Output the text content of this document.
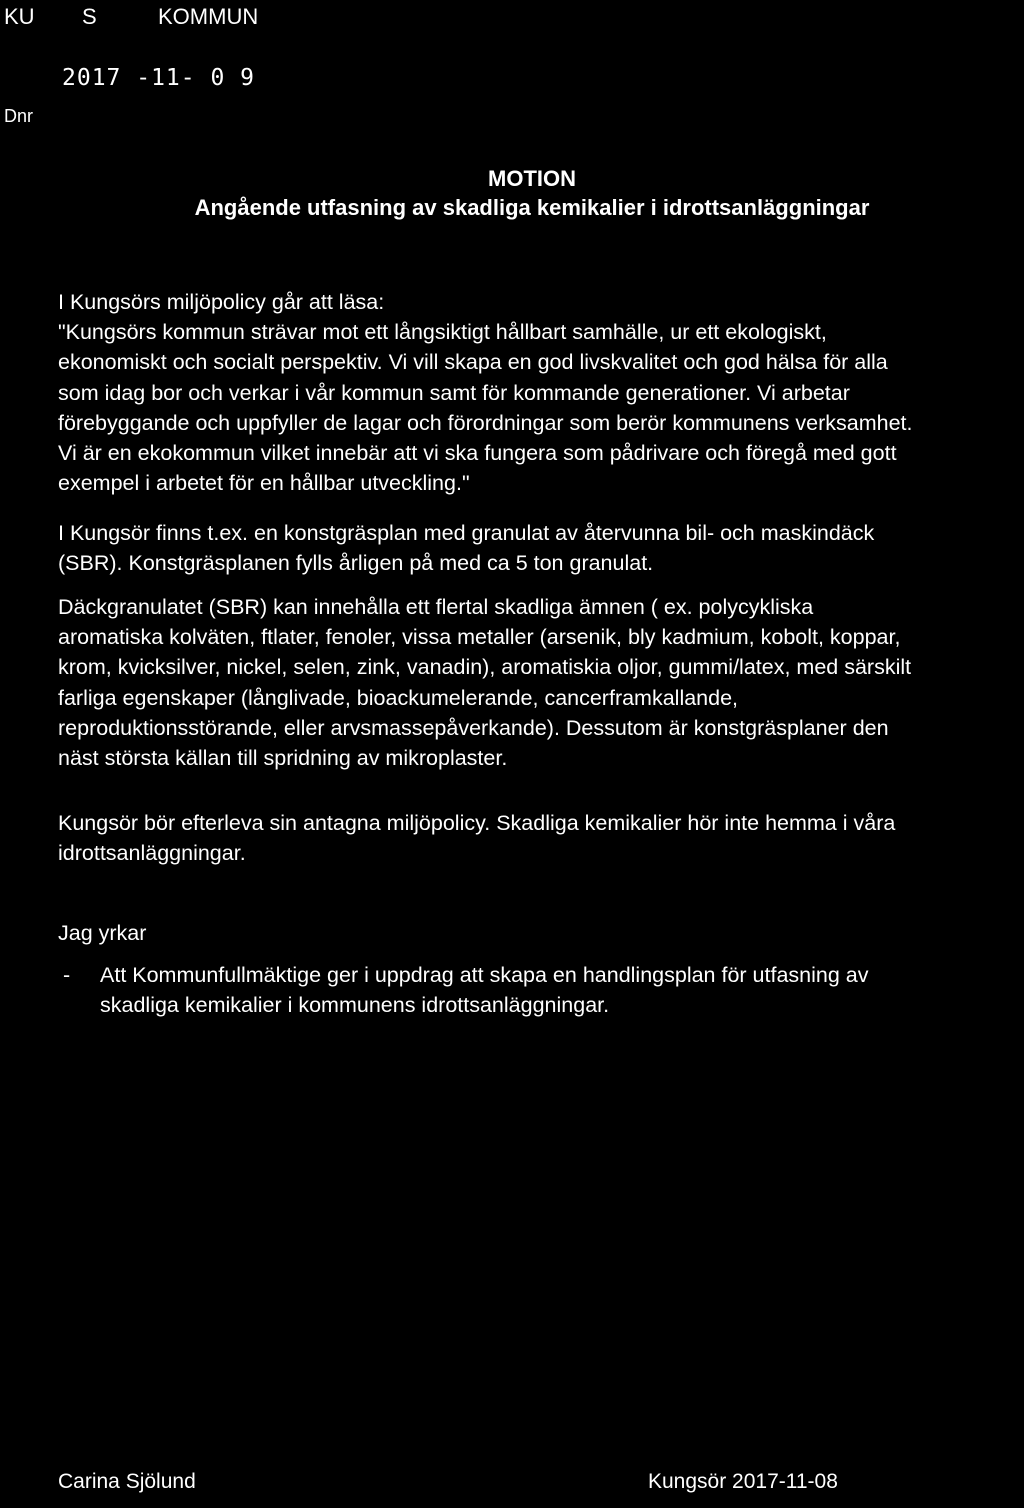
KU S	KOMMUN
2017 -11- 0 9
Dnr
MOTION
Angående utfasning av skadliga kemikalier i idrottsanläggningar
I Kungsörs miljöpolicy går att läsa:
"Kungsörs kommun strävar mot ett långsiktigt hållbart samhälle, ur ett ekologiskt,
ekonomiskt och socialt perspektiv. Vi vill skapa en god livskvalitet och god hälsa för alla
som idag bor och verkar i vår kommun samt för kommande generationer. Vi arbetar
förebyggande och uppfyller de lagar och förordningar som berör kommunens verksamhet.
Vi är en ekokommun vilket innebär att vi ska fungera som pådrivare och föregå med gott
exempel i arbetet för en hållbar utveckling."
I Kungsör finns t.ex. en konstgräsplan med granulat av återvunna bil- och maskindäck
(SBR). Konstgräsplanen fylls årligen på med ca 5 ton granulat.
Däckgranulatet (SBR) kan innehålla ett flertal skadliga ämnen ( ex. polycykliska
aromatiska kolväten, ftlater, fenoler, vissa metaller (arsenik, bly kadmium, kobolt, koppar,
krom, kvicksilver, nickel, selen, zink, vanadin), aromatiskia oljor, gummi/latex, med särskilt
farliga egenskaper (långlivade, bioackumelerande, cancerframkallande,
reproduktionsstörande, eller arvsmassepåverkande). Dessutom är konstgräsplaner den
näst största källan till spridning av mikroplaster.
Kungsör bör efterleva sin antagna miljöpolicy. Skadliga kemikalier hör inte hemma i våra
idrottsanläggningar.
Jag yrkar
- Att Kommunfullmäktige ger i uppdrag att skapa en handlingsplan för utfasning av
skadliga kemikalier i kommunens idrottsanläggningar.
Carina Sjölund	Kungsör 2017-11-08
